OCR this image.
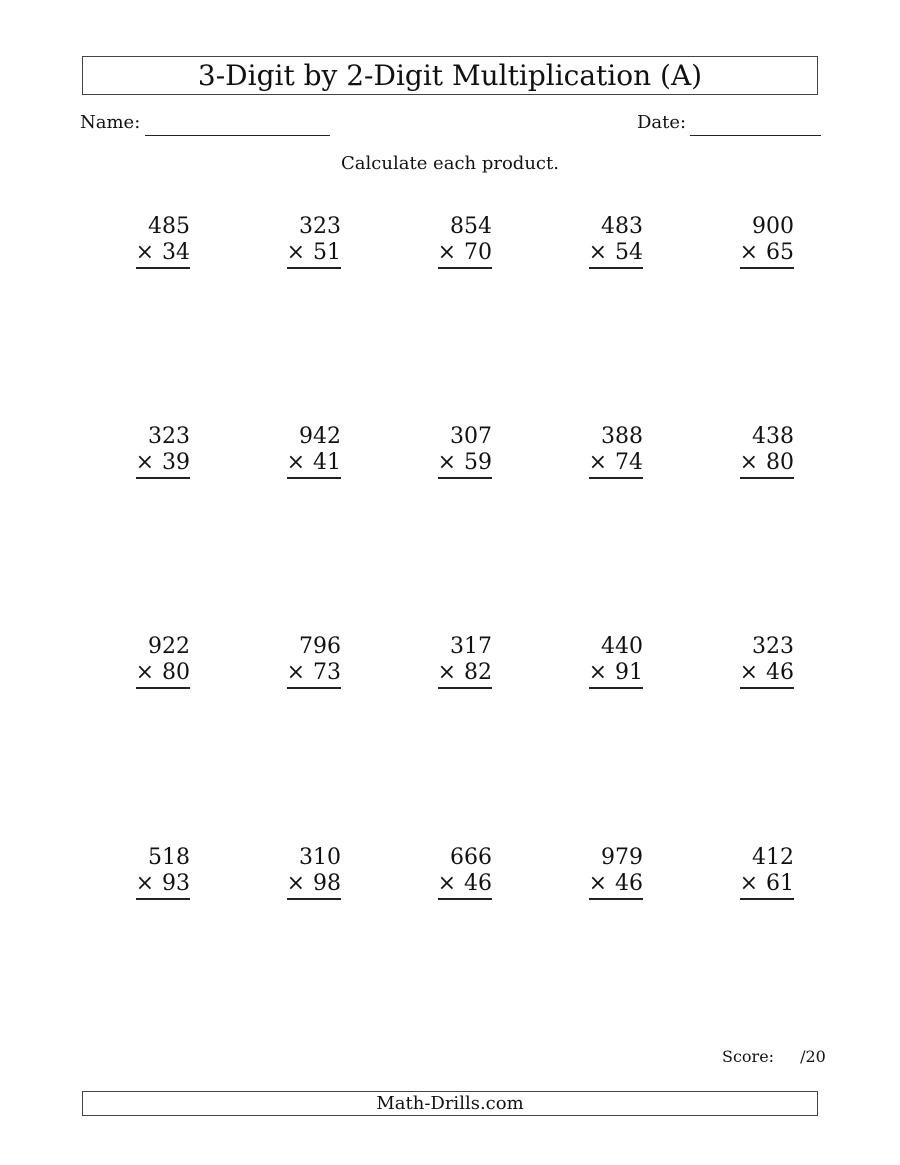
3-Digit by 2-Digit Multiplication (A)
Name:	Date:
Calculate each product.
485
× 34
323
× 51
854
× 70
483
× 54
900
× 65
323
× 39
942
× 41
307
× 59
388
× 74
438
× 80
922
× 80
796
× 73
317
× 82
440
× 91
323
× 46
518
× 93
310
× 98
666
× 46
979
× 46
412
× 61
Score: /20
Math-Drills.com
